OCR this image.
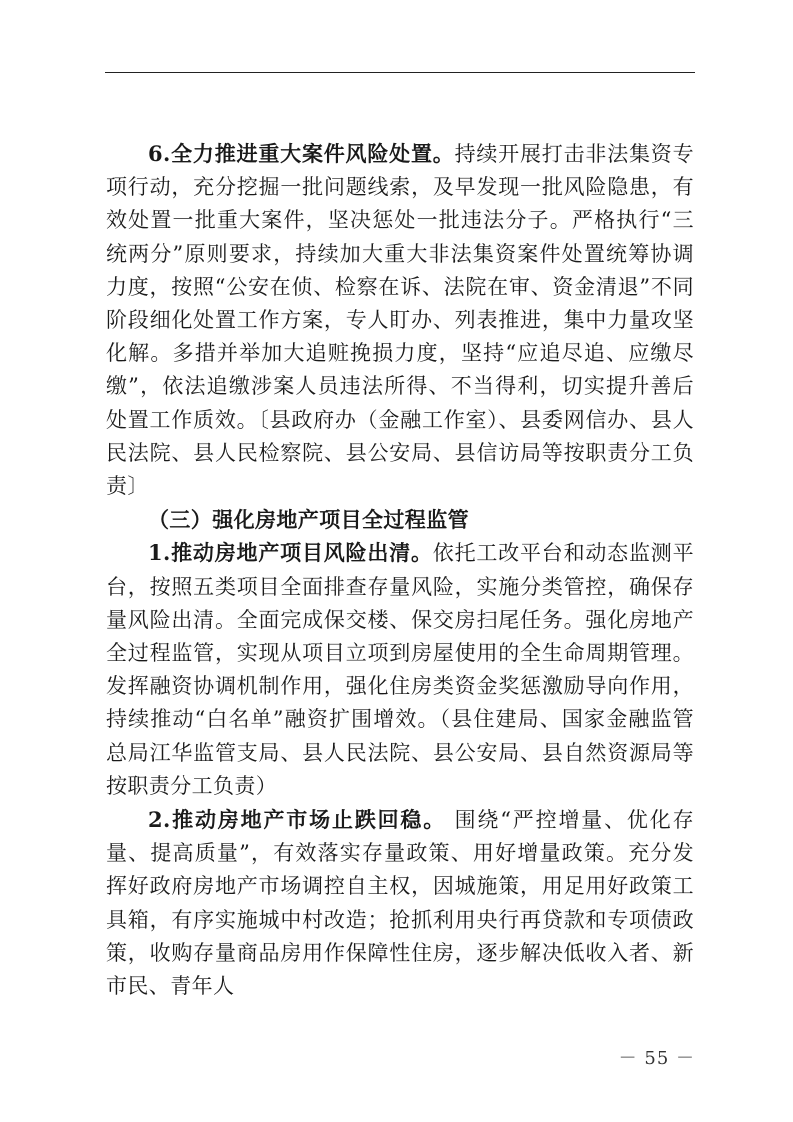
6.全力推进重大案件风险处置。持续开展打击非法集资专项行动，充分挖掘一批问题线索，及早发现一批风险隐患，有效处置一批重大案件，坚决惩处一批违法分子。严格执行“三统两分”原则要求，持续加大重大非法集资案件处置统筹协调力度，按照“公安在侦、检察在诉、法院在审、资金清退”不同阶段细化处置工作方案，专人盯办、列表推进，集中力量攻坚化解。多措并举加大追赃挽损力度，坚持“应追尽追、应缴尽缴”，依法追缴涉案人员违法所得、不当得利，切实提升善后处置工作质效。〔县政府办（金融工作室）、县委网信办、县人民法院、县人民检察院、县公安局、县信访局等按职责分工负责〕

（三）强化房地产项目全过程监管

1.推动房地产项目风险出清。依托工改平台和动态监测平台，按照五类项目全面排查存量风险，实施分类管控，确保存量风险出清。全面完成保交楼、保交房扫尾任务。强化房地产全过程监管，实现从项目立项到房屋使用的全生命周期管理。发挥融资协调机制作用，强化住房类资金奖惩激励导向作用，持续推动“白名单”融资扩围增效。（县住建局、国家金融监管总局江华监管支局、县人民法院、县公安局、县自然资源局等按职责分工负责）

2.推动房地产市场止跌回稳。 围绕“严控增量、优化存量、提高质量”，有效落实存量政策、用好增量政策。充分发挥好政府房地产市场调控自主权，因城施策，用足用好政策工具箱，有序实施城中村改造；抢抓利用央行再贷款和专项债政策，收购存量商品房用作保障性住房，逐步解决低收入者、新市民、青年人

－ 55 －
